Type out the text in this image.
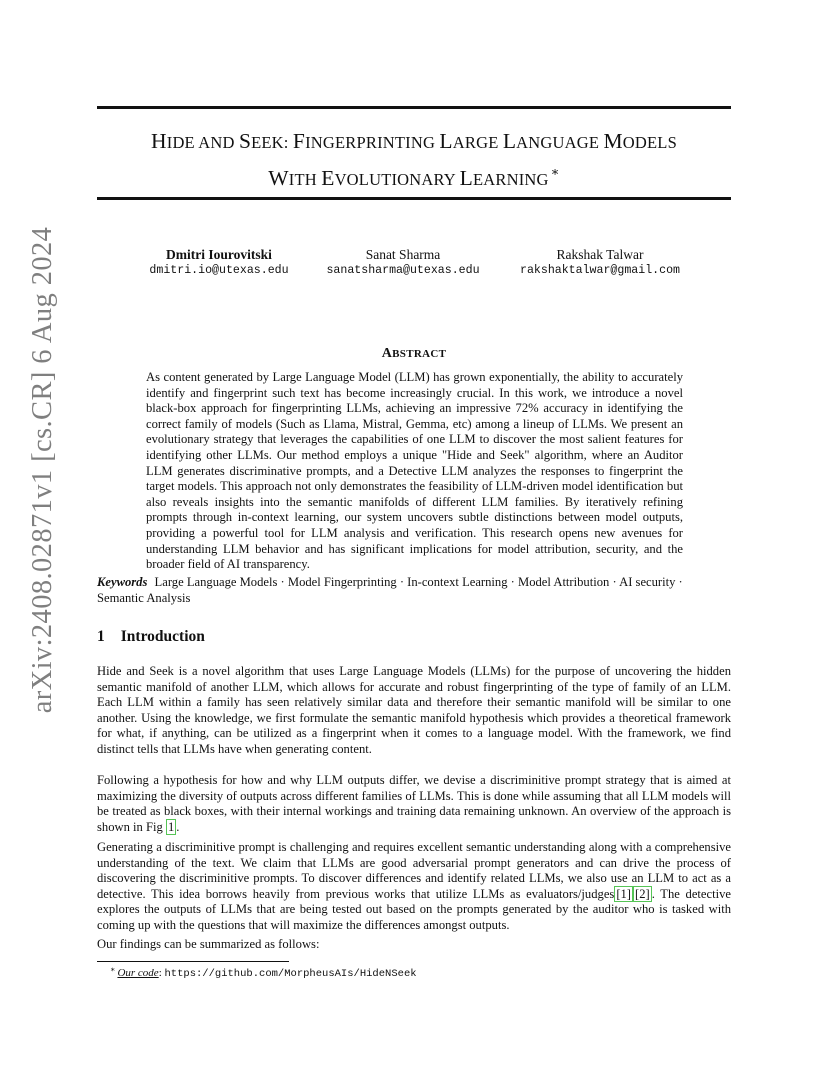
arXiv:2408.02871v1 [cs.CR] 6 Aug 2024
HIDE AND SEEK: FINGERPRINTING LARGE LANGUAGE MODELS
WITH EVOLUTIONARY LEARNING ∗
Dmitri Iourovitski
dmitri.io@utexas.edu
Sanat Sharma
sanatsharma@utexas.edu
Rakshak Talwar
rakshaktalwar@gmail.com
ABSTRACT

As content generated by Large Language Model (LLM) has grown exponentially, the ability to accurately identify and fingerprint such text has become increasingly crucial. In this work, we introduce a novel black-box approach for fingerprinting LLMs, achieving an impressive 72% accuracy in identifying the correct family of models (Such as Llama, Mistral, Gemma, etc) among a lineup of LLMs. We present an evolutionary strategy that leverages the capabilities of one LLM to discover the most salient features for identifying other LLMs. Our method employs a unique "Hide and Seek" algorithm, where an Auditor LLM generates discriminative prompts, and a Detective LLM analyzes the responses to fingerprint the target models. This approach not only demonstrates the feasibility of LLM-driven model identification but also reveals insights into the semantic manifolds of different LLM families. By iteratively refining prompts through in-context learning, our system uncovers subtle distinctions between model outputs, providing a powerful tool for LLM analysis and verification. This research opens new avenues for understanding LLM behavior and has significant implications for model attribution, security, and the broader field of AI transparency.

Keywords Large Language Models · Model Fingerprinting · In-context Learning · Model Attribution · AI security · Semantic Analysis

1 Introduction

Hide and Seek is a novel algorithm that uses Large Language Models (LLMs) for the purpose of uncovering the hidden semantic manifold of another LLM, which allows for accurate and robust fingerprinting of the type of family of an LLM. Each LLM within a family has seen relatively similar data and therefore their semantic manifold will be similar to one another. Using the knowledge, we first formulate the semantic manifold hypothesis which provides a theoretical framework for what, if anything, can be utilized as a fingerprint when it comes to a language model. With the framework, we find distinct tells that LLMs have when generating content.

Following a hypothesis for how and why LLM outputs differ, we devise a discriminitive prompt strategy that is aimed at maximizing the diversity of outputs across different families of LLMs. This is done while assuming that all LLM models will be treated as black boxes, with their internal workings and training data remaining unknown. An overview of the approach is shown in Fig 1 .

Generating a discriminitive prompt is challenging and requires excellent semantic understanding along with a comprehensive understanding of the text. We claim that LLMs are good adversarial prompt generators and can drive the process of discovering the discriminitive prompts. To discover differences and identify related LLMs, we also use an LLM to act as a detective. This idea borrows heavily from previous works that utilize LLMs as evaluators/judges [1] [2] . The detective explores the outputs of LLMs that are being tested out based on the prompts generated by the auditor who is tasked with coming up with the questions that will maximize the differences amongst outputs.

Our findings can be summarized as follows:

∗ Our code: https://github.com/MorpheusAIs/HideNSeek
